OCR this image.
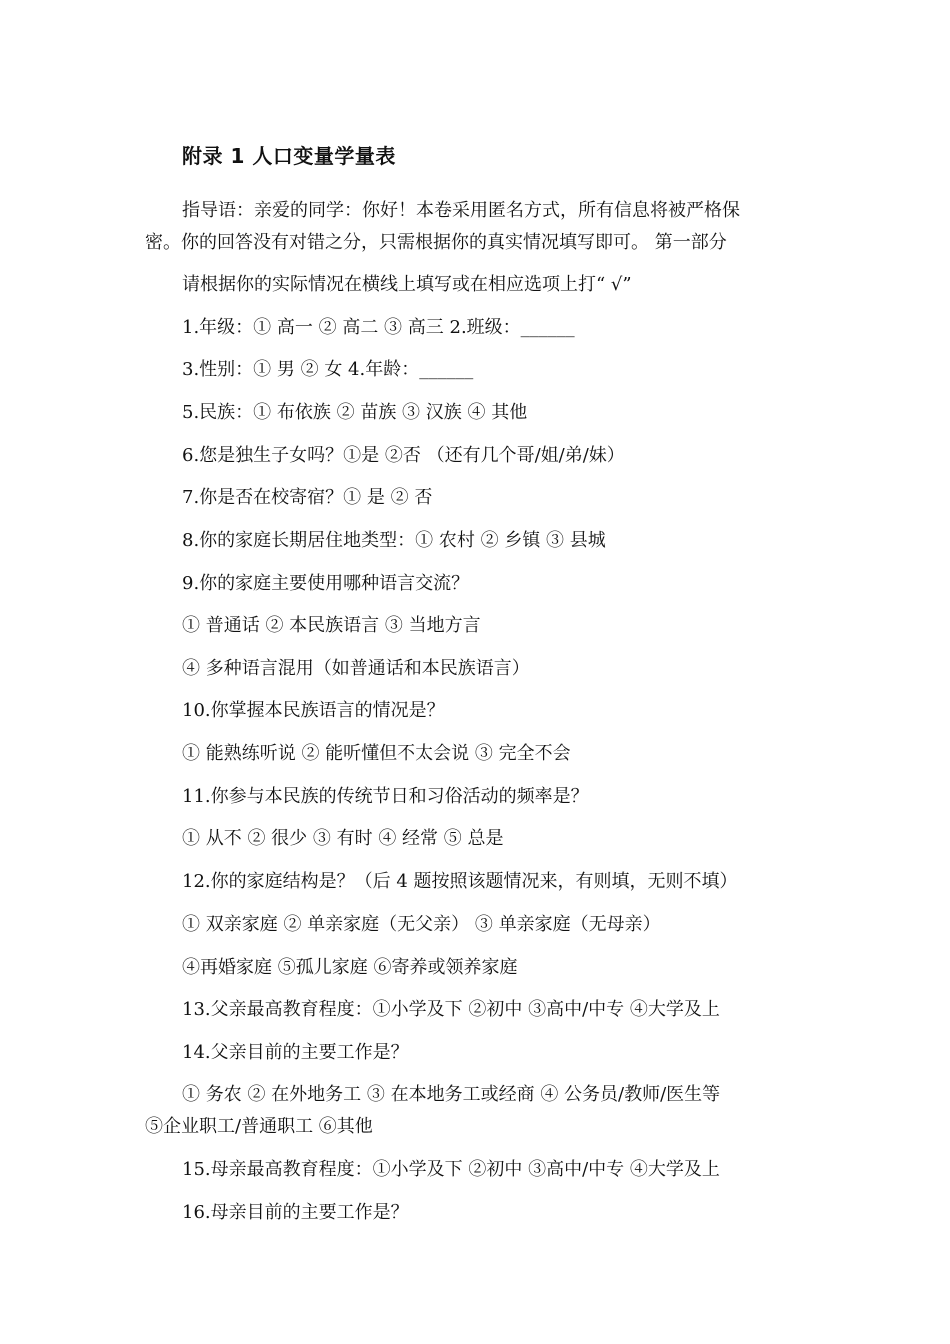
附录 1 人口变量学量表
指导语：亲爱的同学：你好！本卷采用匿名方式，所有信息将被严格保
密。你的回答没有对错之分，只需根据你的真实情况填写即可。 第一部分
请根据你的实际情况在横线上填写或在相应选项上打“ √”
1.年级：① 高一 ② 高二 ③ 高三 2.班级：______
3.性别：① 男 ② 女 4.年龄：______
5.民族：① 布依族 ② 苗族 ③ 汉族 ④ 其他
6.您是独生子女吗？①是 ②否 （还有几个哥/姐/弟/妹）
7.你是否在校寄宿？① 是 ② 否
8.你的家庭长期居住地类型：① 农村 ② 乡镇 ③ 县城
9.你的家庭主要使用哪种语言交流？
① 普通话 ② 本民族语言 ③ 当地方言
④ 多种语言混用（如普通话和本民族语言）
10.你掌握本民族语言的情况是？
① 能熟练听说 ② 能听懂但不太会说 ③ 完全不会
11.你参与本民族的传统节日和习俗活动的频率是？
① 从不 ② 很少 ③ 有时 ④ 经常 ⑤ 总是
12.你的家庭结构是？（后 4 题按照该题情况来，有则填，无则不填）
① 双亲家庭 ② 单亲家庭（无父亲） ③ 单亲家庭（无母亲）
④再婚家庭 ⑤孤儿家庭 ⑥寄养或领养家庭
13.父亲最高教育程度：①小学及下 ②初中 ③高中/中专 ④大学及上
14.父亲目前的主要工作是？
① 务农 ② 在外地务工 ③ 在本地务工或经商 ④ 公务员/教师/医生等
⑤企业职工/普通职工 ⑥其他
15.母亲最高教育程度：①小学及下 ②初中 ③高中/中专 ④大学及上
16.母亲目前的主要工作是？
